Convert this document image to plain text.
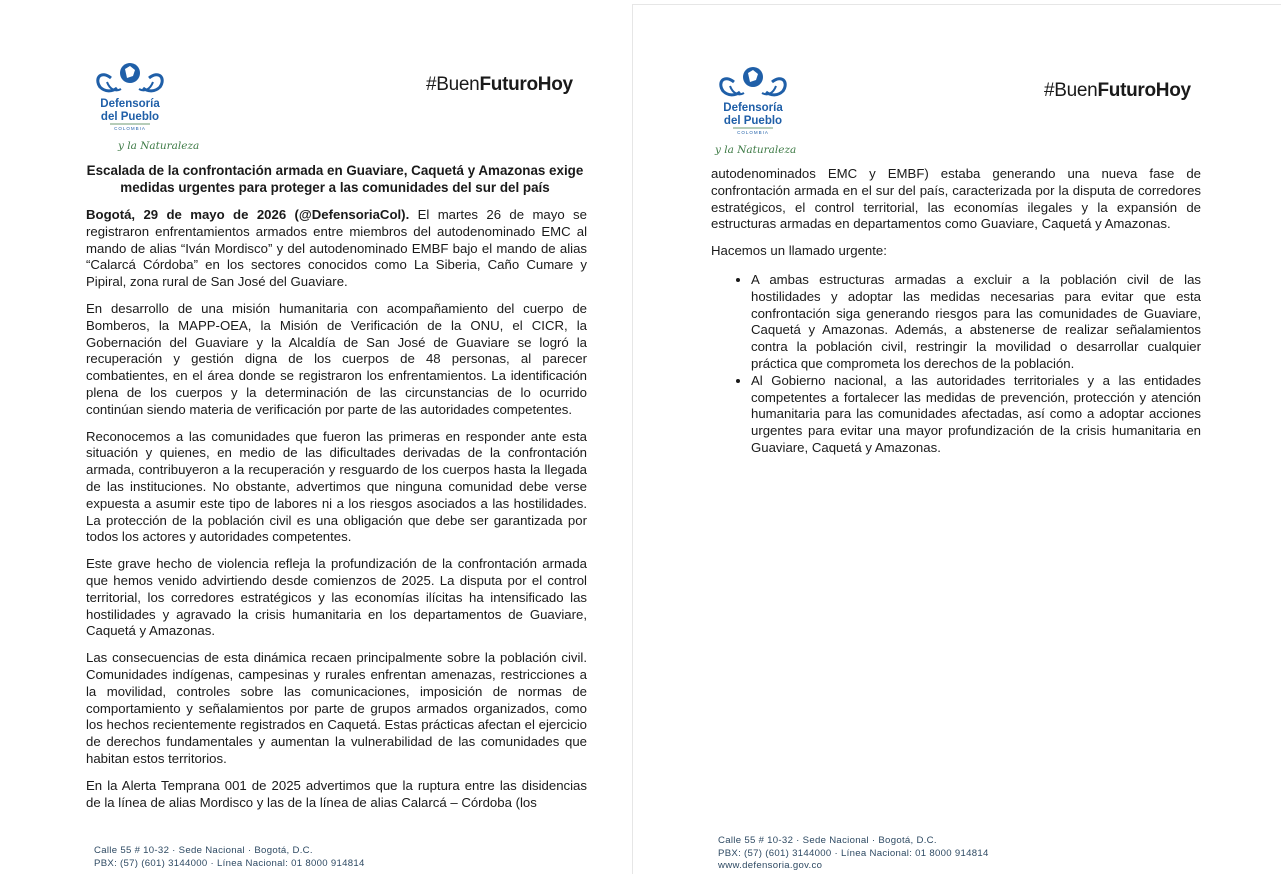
Defensoría
del Pueblo
COLOMBIA
y la Naturaleza
#BuenFuturoHoy
Escalada de la confrontación armada en Guaviare, Caquetá y Amazonas exige medidas urgentes para proteger a las comunidades del sur del país

Bogotá, 29 de mayo de 2026 (@DefensoriaCol). El martes 26 de mayo se registraron enfrentamientos armados entre miembros del autodenominado EMC al mando de alias “Iván Mordisco” y del autodenominado EMBF bajo el mando de alias “Calarcá Córdoba” en los sectores conocidos como La Siberia, Caño Cumare y Pipiral, zona rural de San José del Guaviare.

En desarrollo de una misión humanitaria con acompañamiento del cuerpo de Bomberos, la MAPP-OEA, la Misión de Verificación de la ONU, el CICR, la Gobernación del Guaviare y la Alcaldía de San José de Guaviare se logró la recuperación y gestión digna de los cuerpos de 48 personas, al parecer combatientes, en el área donde se registraron los enfrentamientos. La identificación plena de los cuerpos y la determinación de las circunstancias de lo ocurrido continúan siendo materia de verificación por parte de las autoridades competentes.

Reconocemos a las comunidades que fueron las primeras en responder ante esta situación y quienes, en medio de las dificultades derivadas de la confrontación armada, contribuyeron a la recuperación y resguardo de los cuerpos hasta la llegada de las instituciones. No obstante, advertimos que ninguna comunidad debe verse expuesta a asumir este tipo de labores ni a los riesgos asociados a las hostilidades. La protección de la población civil es una obligación que debe ser garantizada por todos los actores y autoridades competentes.

Este grave hecho de violencia refleja la profundización de la confrontación armada que hemos venido advirtiendo desde comienzos de 2025. La disputa por el control territorial, los corredores estratégicos y las economías ilícitas ha intensificado las hostilidades y agravado la crisis humanitaria en los departamentos de Guaviare, Caquetá y Amazonas.

Las consecuencias de esta dinámica recaen principalmente sobre la población civil. Comunidades indígenas, campesinas y rurales enfrentan amenazas, restricciones a la movilidad, controles sobre las comunicaciones, imposición de normas de comportamiento y señalamientos por parte de grupos armados organizados, como los hechos recientemente registrados en Caquetá. Estas prácticas afectan el ejercicio de derechos fundamentales y aumentan la vulnerabilidad de las comunidades que habitan estos territorios.

En la Alerta Temprana 001 de 2025 advertimos que la ruptura entre las disidencias de la línea de alias Mordisco y las de la línea de alias Calarcá – Córdoba (los

Calle 55 # 10-32 · Sede Nacional · Bogotá, D.C.
PBX: (57) (601) 3144000 · Línea Nacional: 01 8000 914814
Defensoría
del Pueblo
COLOMBIA
y la Naturaleza
#BuenFuturoHoy

autodenominados EMC y EMBF) estaba generando una nueva fase de confrontación armada en el sur del país, caracterizada por la disputa de corredores estratégicos, el control territorial, las economías ilegales y la expansión de estructuras armadas en departamentos como Guaviare, Caquetá y Amazonas.

Hacemos un llamado urgente:

• A ambas estructuras armadas a excluir a la población civil de las hostilidades y adoptar las medidas necesarias para evitar que esta confrontación siga generando riesgos para las comunidades de Guaviare, Caquetá y Amazonas. Además, a abstenerse de realizar señalamientos contra la población civil, restringir la movilidad o desarrollar cualquier práctica que comprometa los derechos de la población.
• Al Gobierno nacional, a las autoridades territoriales y a las entidades competentes a fortalecer las medidas de prevención, protección y atención humanitaria para las comunidades afectadas, así como a adoptar acciones urgentes para evitar una mayor profundización de la crisis humanitaria en Guaviare, Caquetá y Amazonas.
Calle 55 # 10-32 · Sede Nacional · Bogotá, D.C.
PBX: (57) (601) 3144000 · Línea Nacional: 01 8000 914814
www.defensoria.gov.co
